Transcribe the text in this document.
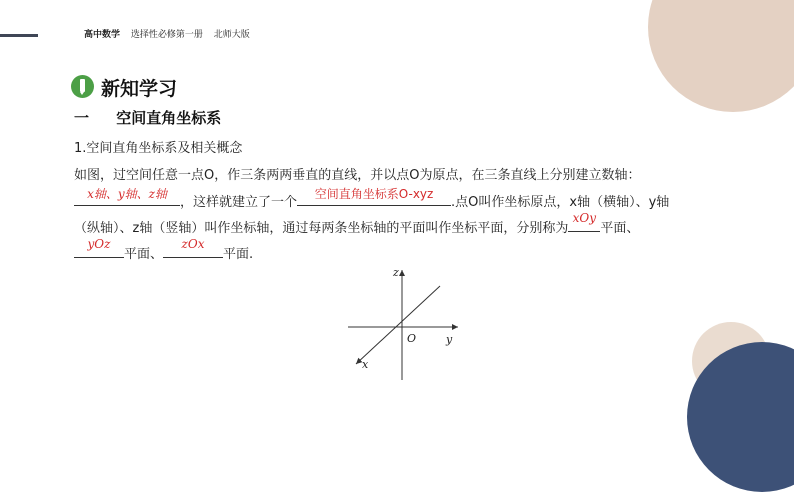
高中数学 选择性必修第一册 北师大版
新知学习
一 空间直角坐标系
1.空间直角坐标系及相关概念
如图，过空间任意一点O，作三条两两垂直的直线，并以点O为原点，在三条直线上分别建立数轴：
x轴、y轴、z轴
，这样就建立了一个
空间直角坐标系O-xyz
.点O叫作坐标原点，x轴（横轴）、y轴
（纵轴）、z轴（竖轴）叫作坐标轴，通过每两条坐标轴的平面叫作坐标平面，分别称为
xOy
平面、
yOz
平面、
zOx
平面.
z
y
x
O
